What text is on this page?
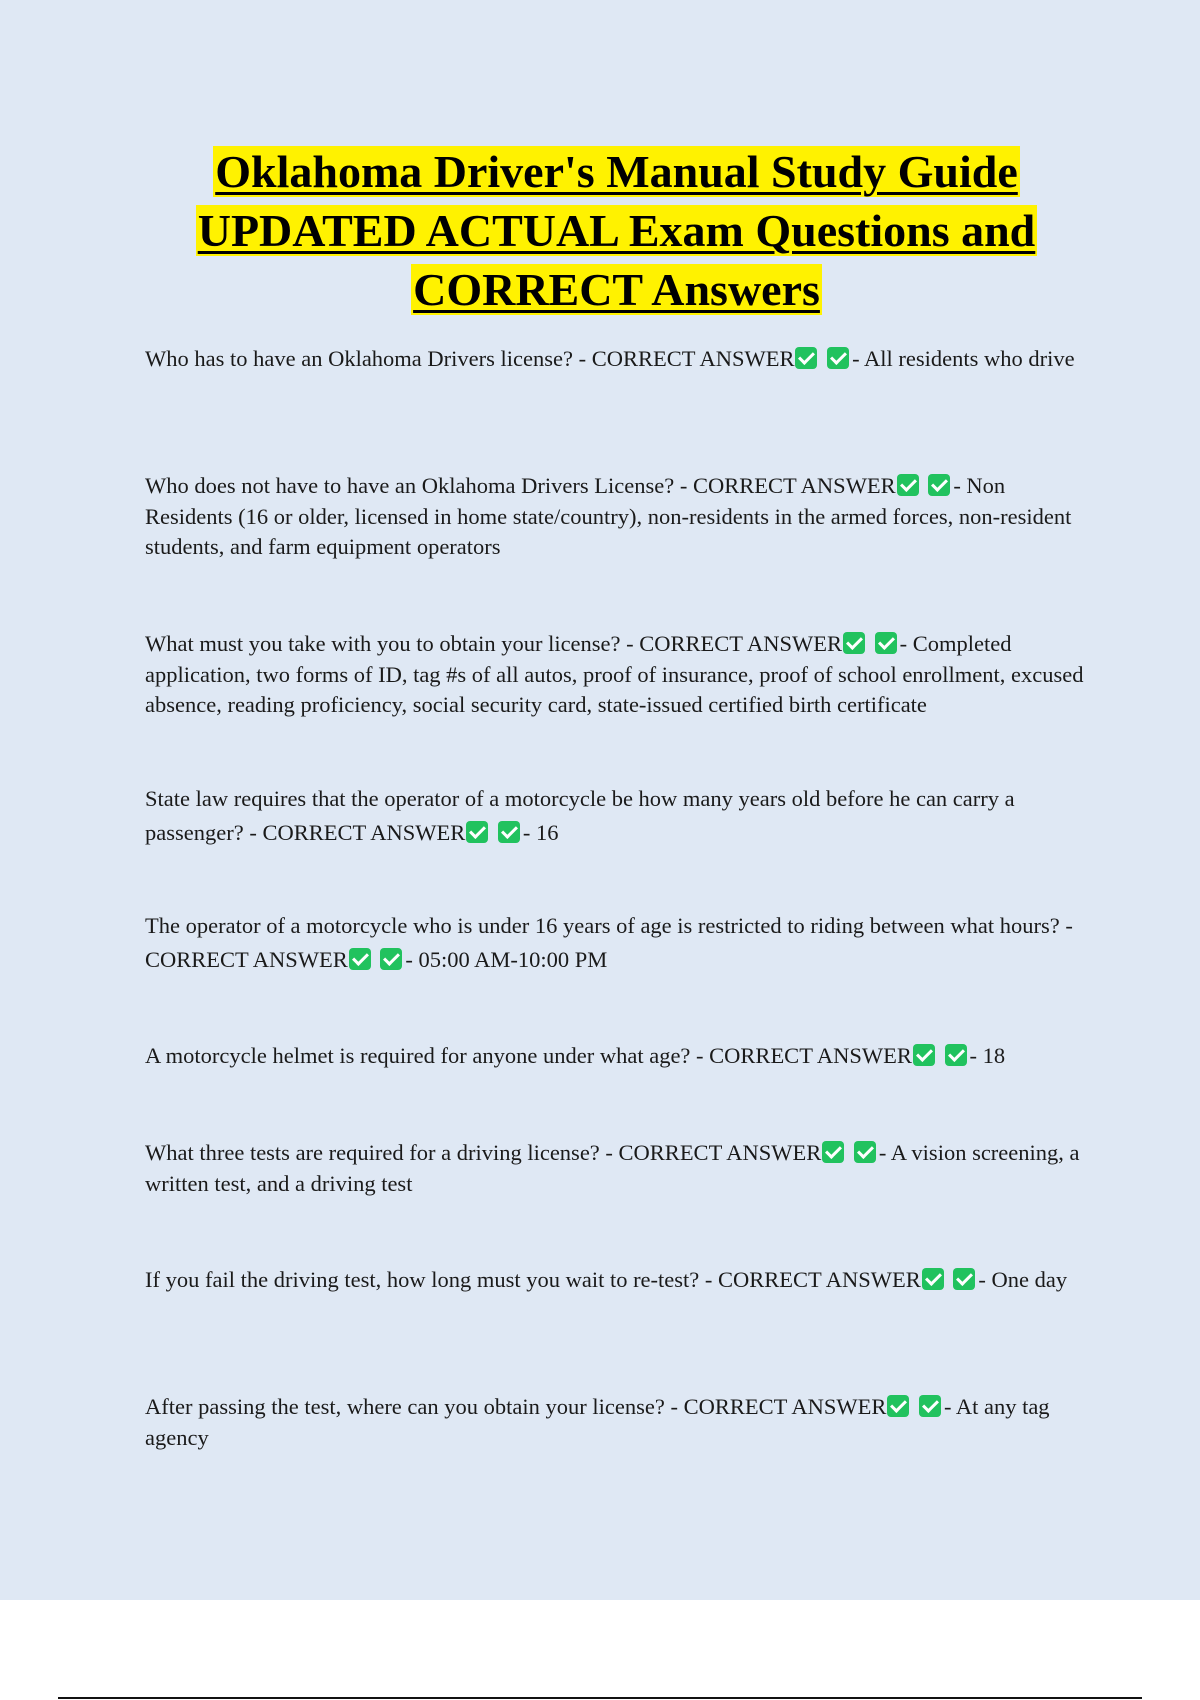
Oklahoma Driver's Manual Study Guide
UPDATED ACTUAL Exam Questions and
CORRECT Answers
Who has to have an Oklahoma Drivers license? - CORRECT ANSWER	- All residents who drive
Who does not have to have an Oklahoma Drivers License? - CORRECT ANSWER	- Non Residents (16 or older, licensed in home state/country), non-residents in the armed forces, non-resident students, and farm equipment operators
What must you take with you to obtain your license? - CORRECT ANSWER	- Completed application, two forms of ID, tag #s of all autos, proof of insurance, proof of school enrollment, excused absence, reading proficiency, social security card, state-issued certified birth certificate
State law requires that the operator of a motorcycle be how many years old before he can carry a passenger? - CORRECT ANSWER	- 16
The operator of a motorcycle who is under 16 years of age is restricted to riding between what hours? - CORRECT ANSWER	- 05:00 AM-10:00 PM
A motorcycle helmet is required for anyone under what age? - CORRECT ANSWER	- 18
What three tests are required for a driving license? - CORRECT ANSWER	- A vision screening, a written test, and a driving test
If you fail the driving test, how long must you wait to re-test? - CORRECT ANSWER	- One day
After passing the test, where can you obtain your license? - CORRECT ANSWER	- At any tag agency
